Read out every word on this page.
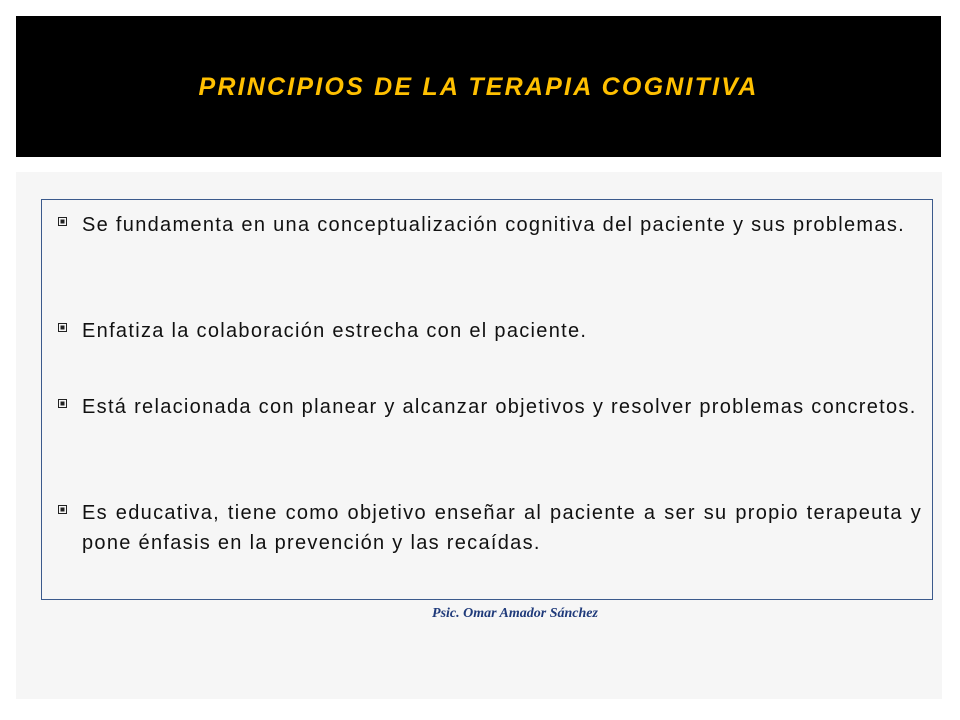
PRINCIPIOS DE LA TERAPIA COGNITIVA
Se fundamenta en una conceptualización cognitiva del paciente y sus problemas.
Enfatiza la colaboración estrecha con el paciente.
Está relacionada con planear y alcanzar objetivos y resolver problemas concretos.
Es educativa, tiene como objetivo enseñar al paciente a ser su propio terapeuta y pone énfasis en la prevención y las recaídas.
Psic. Omar Amador Sánchez
